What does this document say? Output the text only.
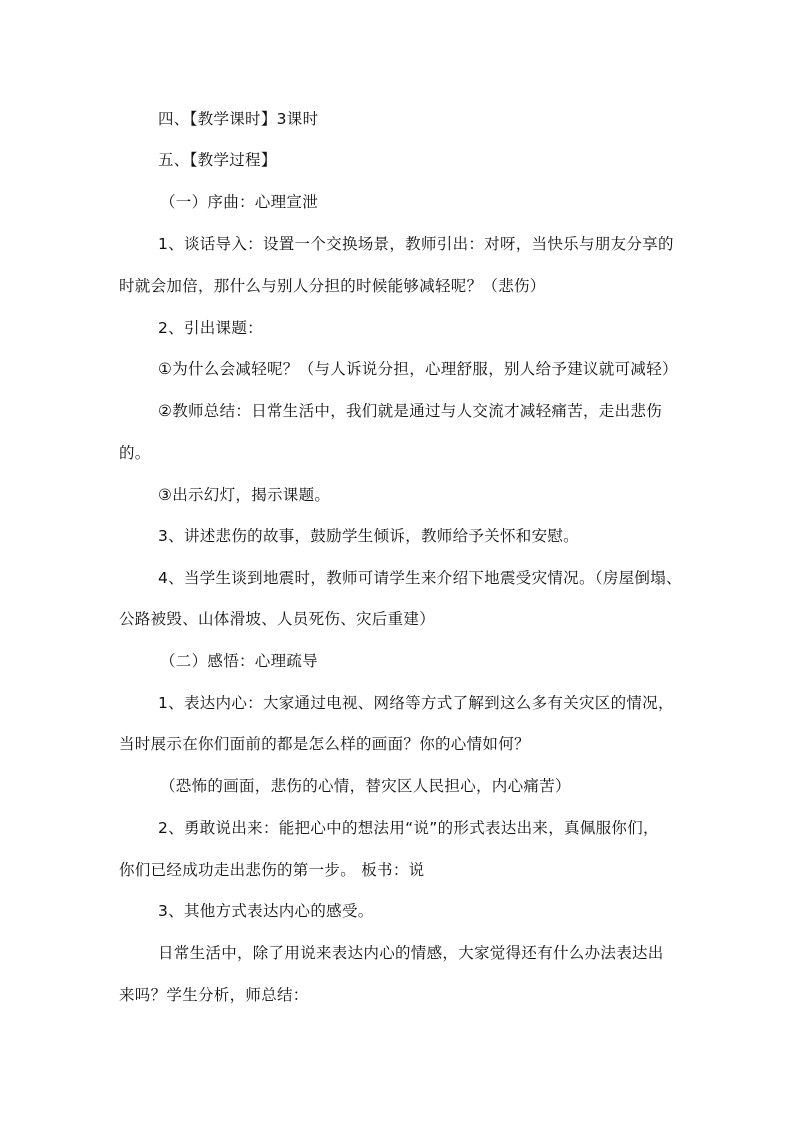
四、【教学课时】3课时

五、【教学过程】

（一）序曲：心理宣泄

1、谈话导入：设置一个交换场景，教师引出：对呀，当快乐与朋友分享的

时就会加倍，那什么与别人分担的时候能够减轻呢？（悲伤）

2、引出课题：

①为什么会减轻呢？（与人诉说分担，心理舒服，别人给予建议就可减轻）

②教师总结：日常生活中，我们就是通过与人交流才减轻痛苦，走出悲伤

的。

③出示幻灯，揭示课题。

3、讲述悲伤的故事，鼓励学生倾诉，教师给予关怀和安慰。

4、当学生谈到地震时，教师可请学生来介绍下地震受灾情况。（房屋倒塌、

公路被毁、山体滑坡、人员死伤、灾后重建）

（二）感悟：心理疏导

1、表达内心：大家通过电视、网络等方式了解到这么多有关灾区的情况，

当时展示在你们面前的都是怎么样的画面？你的心情如何？

（恐怖的画面，悲伤的心情，替灾区人民担心，内心痛苦）

2、勇敢说出来：能把心中的想法用“说”的形式表达出来，真佩服你们，

你们已经成功走出悲伤的第一步。 板书：说

3、其他方式表达内心的感受。

日常生活中，除了用说来表达内心的情感，大家觉得还有什么办法表达出

来吗？学生分析，师总结：
